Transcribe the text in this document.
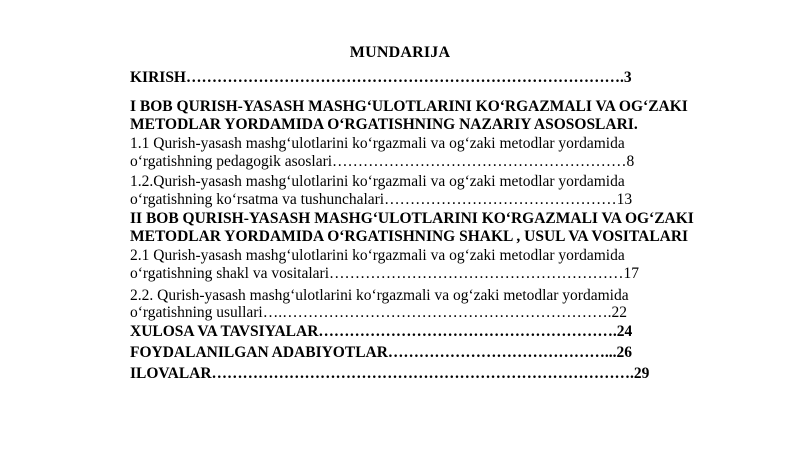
MUNDARIJA
KIRISH………………………………………………………………………….3
I BOB QURISH-YASASH MASHG‘ULOTLARINI KO‘RGAZMALI VA OG‘ZAKI
METODLAR YORDAMIDA O‘RGATISHNING NAZARIY ASOSOSLARI.
1.1 Qurish-yasash mashg‘ulotlarini ko‘rgazmali va og‘zaki metodlar yordamida
o‘rgatishning pedagogik asoslari…………………………………………………8
1.2.Qurish-yasash mashg‘ulotlarini ko‘rgazmali va og‘zaki metodlar yordamida
o‘rgatishning ko‘rsatma va tushunchalari………………………………………13
II BOB QURISH-YASASH MASHG‘ULOTLARINI KO‘RGAZMALI VA OG‘ZAKI
METODLAR YORDAMIDA O‘RGATISHNING SHAKL , USUL VA VOSITALARI
2.1 Qurish-yasash mashg‘ulotlarini ko‘rgazmali va og‘zaki metodlar yordamida
o‘rgatishning shakl va vositalari…………………………………………………17
2.2. Qurish-yasash mashg‘ulotlarini ko‘rgazmali va og‘zaki metodlar yordamida
o‘rgatishning usullari….……………………………………………………….22
XULOSA VA TAVSIYALAR………………………………………………….24
FOYDALANILGAN ADABIYOTLAR……………………………………...26
ILOVALAR……………………………………………………………………….29
